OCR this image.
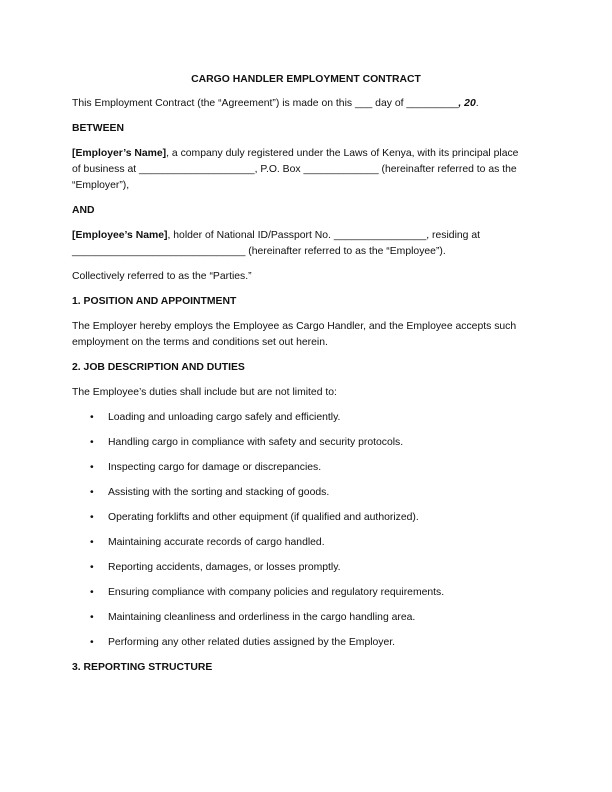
CARGO HANDLER EMPLOYMENT CONTRACT

This Employment Contract (the “Agreement”) is made on this ___ day of _________, 20.

BETWEEN

[Employer’s Name], a company duly registered under the Laws of Kenya, with its principal place
of business at ____________________, P.O. Box _____________ (hereinafter referred to as the
“Employer”),

AND

[Employee’s Name], holder of National ID/Passport No. ________________, residing at
______________________________ (hereinafter referred to as the “Employee”).

Collectively referred to as the “Parties.”

1. POSITION AND APPOINTMENT

The Employer hereby employs the Employee as Cargo Handler, and the Employee accepts such
employment on the terms and conditions set out herein.

2. JOB DESCRIPTION AND DUTIES

The Employee’s duties shall include but are not limited to:

• Loading and unloading cargo safely and efficiently.
• Handling cargo in compliance with safety and security protocols.
• Inspecting cargo for damage or discrepancies.
• Assisting with the sorting and stacking of goods.
• Operating forklifts and other equipment (if qualified and authorized).
• Maintaining accurate records of cargo handled.
• Reporting accidents, damages, or losses promptly.
• Ensuring compliance with company policies and regulatory requirements.
• Maintaining cleanliness and orderliness in the cargo handling area.
• Performing any other related duties assigned by the Employer.
3. REPORTING STRUCTURE
